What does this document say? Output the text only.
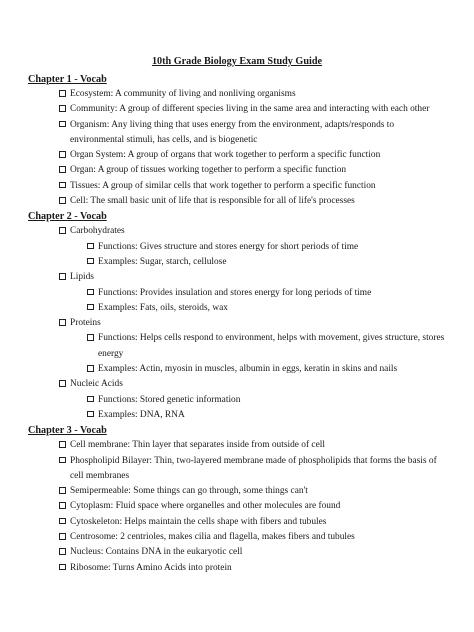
10th Grade Biology Exam Study Guide
Chapter 1 - Vocab
Ecosystem: A community of living and nonliving organisms
Community: A group of different species living in the same area and interacting with each other
Organism: Any living thing that uses energy from the environment, adapts/responds to environmental stimuli, has cells, and is biogenetic
Organ System: A group of organs that work together to perform a specific function
Organ: A group of tissues working together to perform a specific function
Tissues: A group of similar cells that work together to perform a specific function
Cell: The small basic unit of life that is responsible for all of life's processes
Chapter 2 - Vocab
Carbohydrates
Functions: Gives structure and stores energy for short periods of time
Examples: Sugar, starch, cellulose
Lipids
Functions: Provides insulation and stores energy for long periods of time
Examples: Fats, oils, steroids, wax
Proteins
Functions: Helps cells respond to environment, helps with movement, gives structure, stores energy
Examples: Actin, myosin in muscles, albumin in eggs, keratin in skins and nails
Nucleic Acids
Functions: Stored genetic information
Examples: DNA, RNA
Chapter 3 - Vocab
Cell membrane: Thin layer that separates inside from outside of cell
Phospholipid Bilayer: Thin, two-layered membrane made of phospholipids that forms the basis of cell membranes
Semipermeable: Some things can go through, some things can't
Cytoplasm: Fluid space where organelles and other molecules are found
Cytoskeleton: Helps maintain the cells shape with fibers and tubules
Centrosome: 2 centrioles, makes cilia and flagella, makes fibers and tubules
Nucleus: Contains DNA in the eukaryotic cell
Ribosome: Turns Amino Acids into protein
